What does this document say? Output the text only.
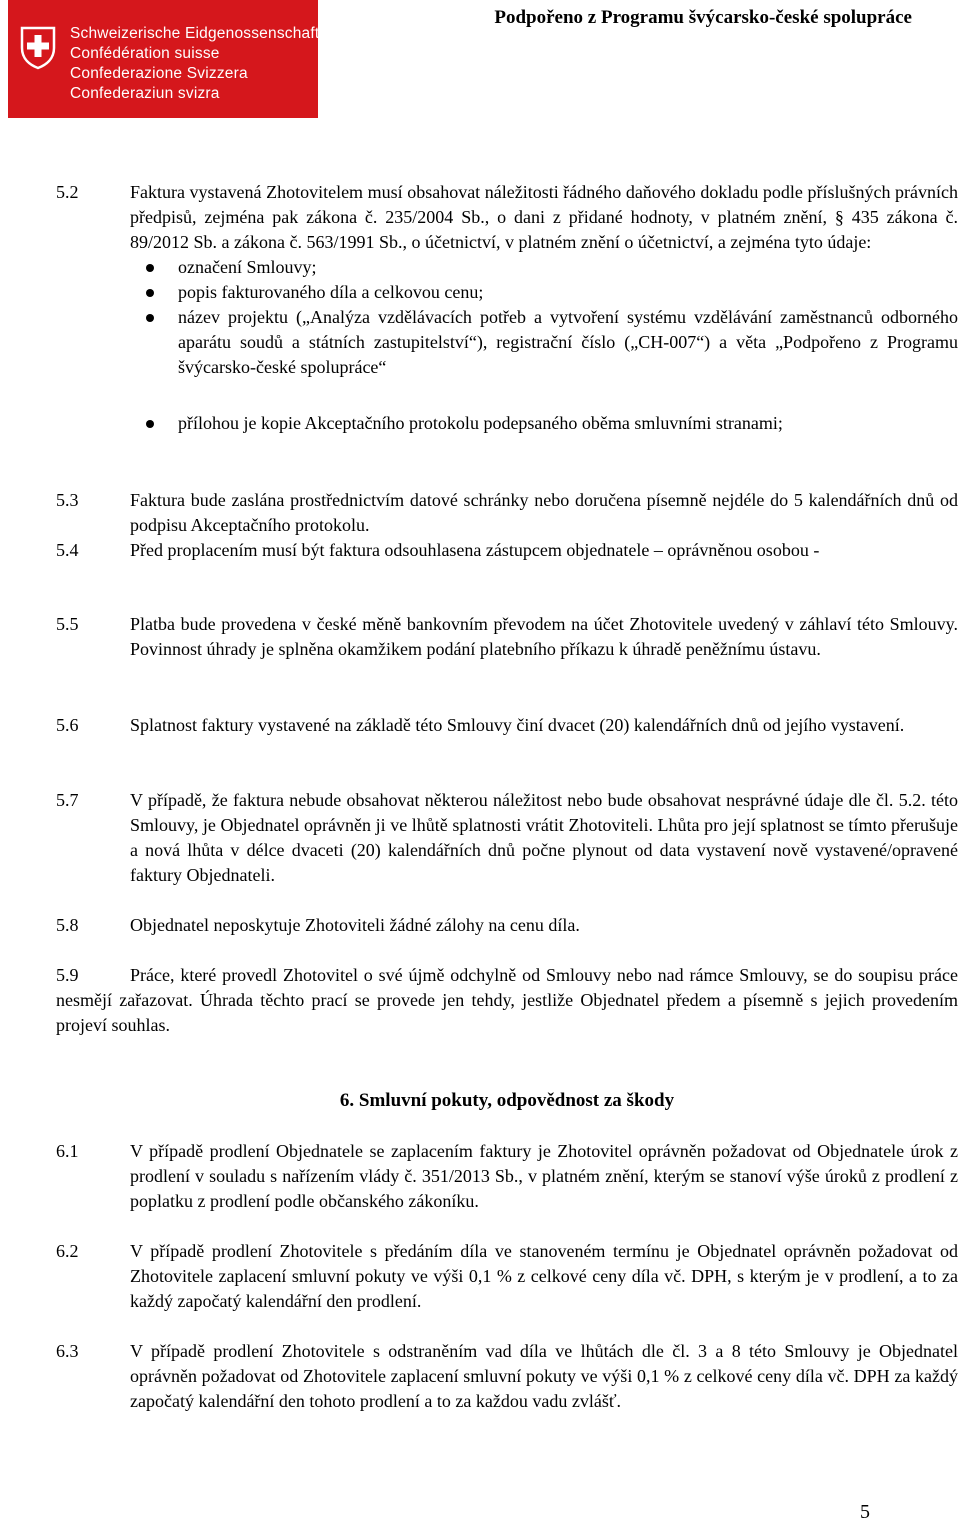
Schweizerische Eidgenossenschaft
Confédération suisse
Confederazione Svizzera
Confederaziun svizra
Podpořeno z Programu švýcarsko-české spolupráce
5.2	Faktura vystavená Zhotovitelem musí obsahovat náležitosti řádného daňového dokladu podle příslušných právních předpisů, zejména pak zákona č. 235/2004 Sb., o dani z přidané hodnoty, v platném znění, § 435 zákona č. 89/2012 Sb. a zákona č. 563/1991 Sb., o účetnictví, v platném znění o účetnictví, a zejména tyto údaje:
označení Smlouvy;
popis fakturovaného díla a celkovou cenu;
název projektu („Analýza vzdělávacích potřeb a vytvoření systému vzdělávání zaměstnanců odborného aparátu soudů a státních zastupitelství“), registrační číslo („CH-007“) a věta „Podpořeno z Programu švýcarsko-české spolupráce“
přílohou je kopie Akceptačního protokolu podepsaného oběma smluvními stranami;
5.3	Faktura bude zaslána prostřednictvím datové schránky nebo doručena písemně nejdéle do 5 kalendářních dnů od podpisu Akceptačního protokolu.
5.4	Před proplacením musí být faktura odsouhlasena zástupcem objednatele – oprávněnou osobou -
5.5	Platba bude provedena v české měně bankovním převodem na účet Zhotovitele uvedený v záhlaví této Smlouvy. Povinnost úhrady je splněna okamžikem podání platebního příkazu k úhradě peněžnímu ústavu.
5.6	Splatnost faktury vystavené na základě této Smlouvy činí dvacet (20) kalendářních dnů od jejího vystavení.
5.7	V případě, že faktura nebude obsahovat některou náležitost nebo bude obsahovat nesprávné údaje dle čl. 5.2. této Smlouvy, je Objednatel oprávněn ji ve lhůtě splatnosti vrátit Zhotoviteli. Lhůta pro její splatnost se tímto přerušuje a nová lhůta v délce dvaceti (20) kalendářních dnů počne plynout od data vystavení nově vystavené/opravené faktury Objednateli.
5.8	Objednatel neposkytuje Zhotoviteli žádné zálohy na cenu díla.
5.9	Práce, které provedl Zhotovitel o své újmě odchylně od Smlouvy nebo nad rámce Smlouvy, se do soupisu práce nesmějí zařazovat. Úhrada těchto prací se provede jen tehdy, jestliže Objednatel předem a písemně s jejich provedením projeví souhlas.
6. Smluvní pokuty, odpovědnost za škody
6.1	V případě prodlení Objednatele se zaplacením faktury je Zhotovitel oprávněn požadovat od Objednatele úrok z prodlení v souladu s nařízením vlády č. 351/2013 Sb., v platném znění, kterým se stanoví výše úroků z prodlení z poplatku z prodlení podle občanského zákoníku.
6.2	V případě prodlení Zhotovitele s předáním díla ve stanoveném termínu je Objednatel oprávněn požadovat od Zhotovitele zaplacení smluvní pokuty ve výši 0,1 % z celkové ceny díla vč. DPH, s kterým je v prodlení, a to za každý započatý kalendářní den prodlení.
6.3	V případě prodlení Zhotovitele s odstraněním vad díla ve lhůtách dle čl. 3 a 8 této Smlouvy je Objednatel oprávněn požadovat od Zhotovitele zaplacení smluvní pokuty ve výši 0,1 % z celkové ceny díla vč. DPH za každý započatý kalendářní den tohoto prodlení a to za každou vadu zvlášť.
5
